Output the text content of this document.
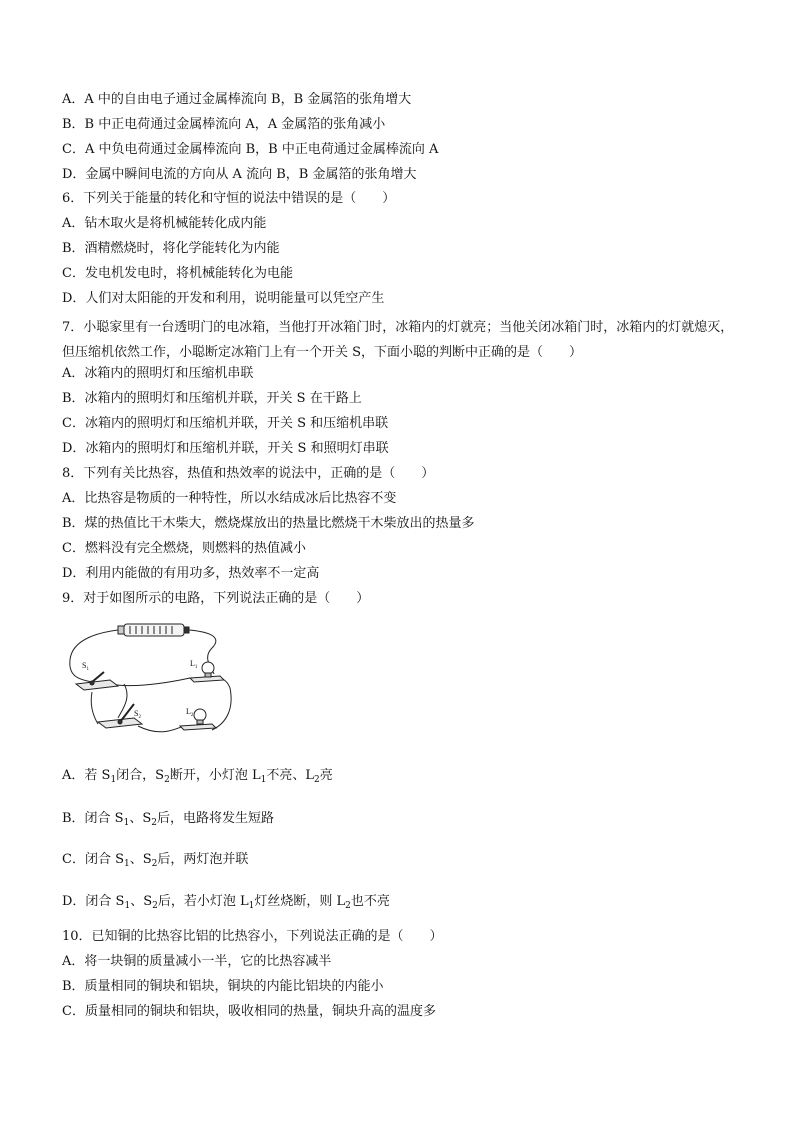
A．A 中的自由电子通过金属棒流向 B，B 金属箔的张角增大
B．B 中正电荷通过金属棒流向 A，A 金属箔的张角减小
C．A 中负电荷通过金属棒流向 B，B 中正电荷通过金属棒流向 A
D．金属中瞬间电流的方向从 A 流向 B，B 金属箔的张角增大
6．下列关于能量的转化和守恒的说法中错误的是（　　）
A．钻木取火是将机械能转化成内能
B．酒精燃烧时，将化学能转化为内能
C．发电机发电时，将机械能转化为电能
D．人们对太阳能的开发和利用，说明能量可以凭空产生
7．小聪家里有一台透明门的电冰箱，当他打开冰箱门时，冰箱内的灯就亮；当他关闭冰箱门时，冰箱内的灯就熄灭，但压缩机依然工作，小聪断定冰箱门上有一个开关 S，下面小聪的判断中正确的是（　　）
A．冰箱内的照明灯和压缩机串联
B．冰箱内的照明灯和压缩机并联，开关 S 在干路上
C．冰箱内的照明灯和压缩机并联，开关 S 和压缩机串联
D．冰箱内的照明灯和压缩机并联，开关 S 和照明灯串联
8．下列有关比热容，热值和热效率的说法中，正确的是（　　）
A．比热容是物质的一种特性，所以水结成冰后比热容不变
B．煤的热值比干木柴大，燃烧煤放出的热量比燃烧干木柴放出的热量多
C．燃料没有完全燃烧，则燃料的热值减小
D．利用内能做的有用功多，热效率不一定高
9．对于如图所示的电路，下列说法正确的是（　　）
$S_1$
$S_2$
$L_1$
$L_2$
A．若 $S_1$闭合，$S_2$断开，小灯泡 $L_1$不亮、$L_2$亮
B．闭合 $S_1$、$S_2$后，电路将发生短路
C．闭合 $S_1$、$S_2$后，两灯泡并联
D．闭合 $S_1$、$S_2$后，若小灯泡 $L_1$灯丝烧断，则 $L_2$也不亮
10．已知铜的比热容比铝的比热容小，下列说法正确的是（　　）
A．将一块铜的质量减小一半，它的比热容减半
B．质量相同的铜块和铝块，铜块的内能比铝块的内能小
C．质量相同的铜块和铝块，吸收相同的热量，铜块升高的温度多
